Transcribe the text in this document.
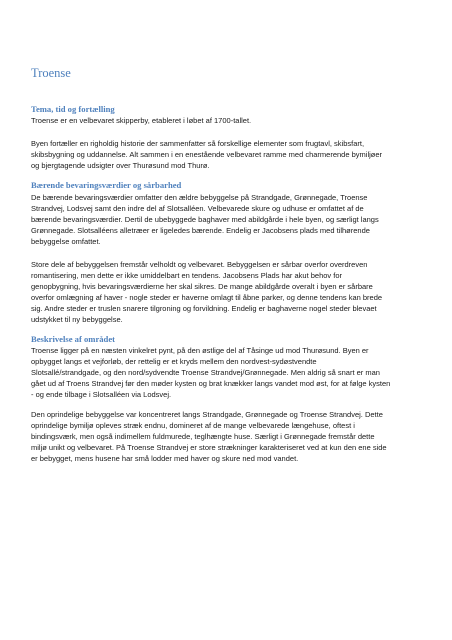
Troense
Tema, tid og fortælling
Troense er en velbevaret skipperby, etableret i løbet af 1700-tallet.
Byen fortæller en righoldig historie der sammenfatter så forskellige elementer som frugtavl, skibsfart,
skibsbygning og uddannelse. Alt sammen i en enestående velbevaret ramme med charmerende bymiljøer
og bjergtagende udsigter over Thurøsund mod Thurø.
Bærende bevaringsværdier og sårbarhed
De bærende bevaringsværdier omfatter den ældre bebyggelse på Strandgade, Grønnegade, Troense
Strandvej, Lodsvej samt den indre del af Slotsalléen. Velbevarede skure og udhuse er omfattet af de
bærende bevaringsværdier. Dertil de ubebyggede baghaver med abildgårde i hele byen, og særligt langs
Grønnegade. Slotsalléens alletræer er ligeledes bærende. Endelig er Jacobsens plads med tilhørende
bebyggelse omfattet.
Store dele af bebyggelsen fremstår velholdt og velbevaret. Bebyggelsen er sårbar overfor overdreven
romantisering, men dette er ikke umiddelbart en tendens. Jacobsens Plads har akut behov for
genopbygning, hvis bevaringsværdierne her skal sikres. De mange abildgårde overalt i byen er sårbare
overfor omlægning af haver - nogle steder er haverne omlagt til åbne parker, og denne tendens kan brede
sig. Andre steder er truslen snarere tilgroning og forvildning. Endelig er baghaverne nogel steder blevaet
udstykket til ny bebyggelse.
Beskrivelse af området
Troense ligger på en næsten vinkelret pynt, på den østlige del af Tåsinge ud mod Thurøsund. Byen er
opbygget langs et vejforløb, der rettelig er et kryds mellem den nordvest-sydøstvendte
Slotsallé/strandgade, og den nord/sydvendte Troense Strandvej/Grønnegade. Men aldrig så snart er man
gået ud af Troens Strandvej før den møder kysten og brat knækker langs vandet mod øst, for at følge kysten
- og ende tilbage i Slotsalléen via Lodsvej.
Den oprindelige bebyggelse var koncentreret langs Strandgade, Grønnegade og Troense Strandvej. Dette
oprindelige bymiljø opleves stræk endnu, domineret af de mange velbevarede længehuse, oftest i
bindingsværk, men også indimellem fuldmurede, teglhængte huse. Særligt i Grønnegade fremstår dette
miljø unikt og velbevaret. På Troense Strandvej er store strækninger karakteriseret ved at kun den ene side
er bebygget, mens husene har små lodder med haver og skure ned mod vandet.
